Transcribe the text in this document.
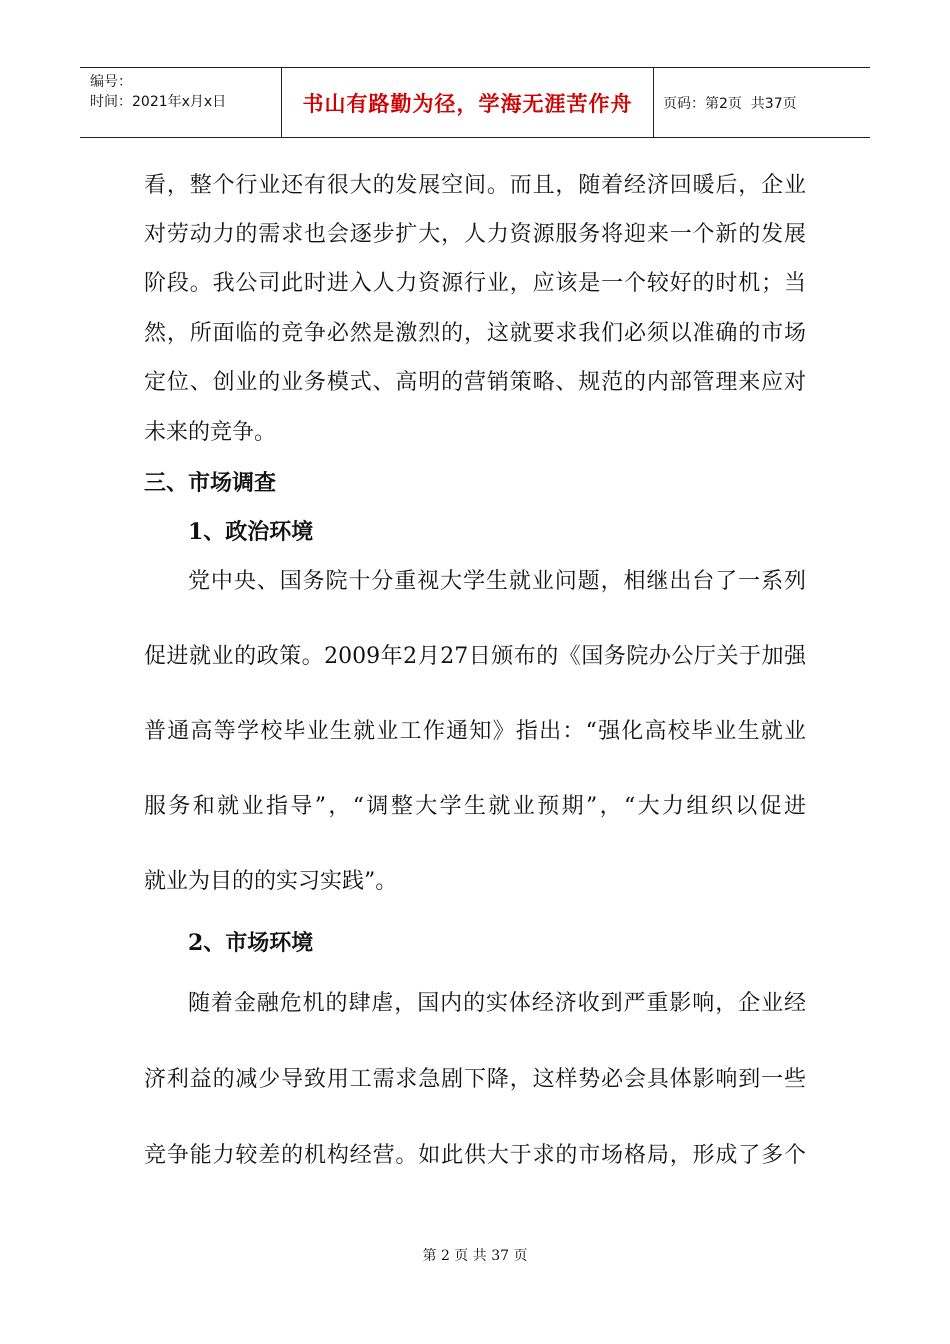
编号：
时间：2021年x月x日	书山有路勤为径，学海无涯苦作舟	页码：第2页  共37页
看，整个行业还有很大的发展空间。而且，随着经济回暖后，企业
对劳动力的需求也会逐步扩大，人力资源服务将迎来一个新的发展
阶段。我公司此时进入人力资源行业，应该是一个较好的时机；当
然，所面临的竞争必然是激烈的，这就要求我们必须以准确的市场
定位、创业的业务模式、高明的营销策略、规范的内部管理来应对
未来的竞争。
三、市场调查
1、政治环境
党中央、国务院十分重视大学生就业问题，相继出台了一系列
促进就业的政策。2009年2月27日颁布的《国务院办公厅关于加强
普通高等学校毕业生就业工作通知》指出：“强化高校毕业生就业
服务和就业指导”，“调整大学生就业预期”，“大力组织以促进
就业为目的的实习实践”。
2、市场环境
随着金融危机的肆虐，国内的实体经济收到严重影响，企业经
济利益的减少导致用工需求急剧下降，这样势必会具体影响到一些
竞争能力较差的机构经营。如此供大于求的市场格局，形成了多个
第 2 页 共 37 页
